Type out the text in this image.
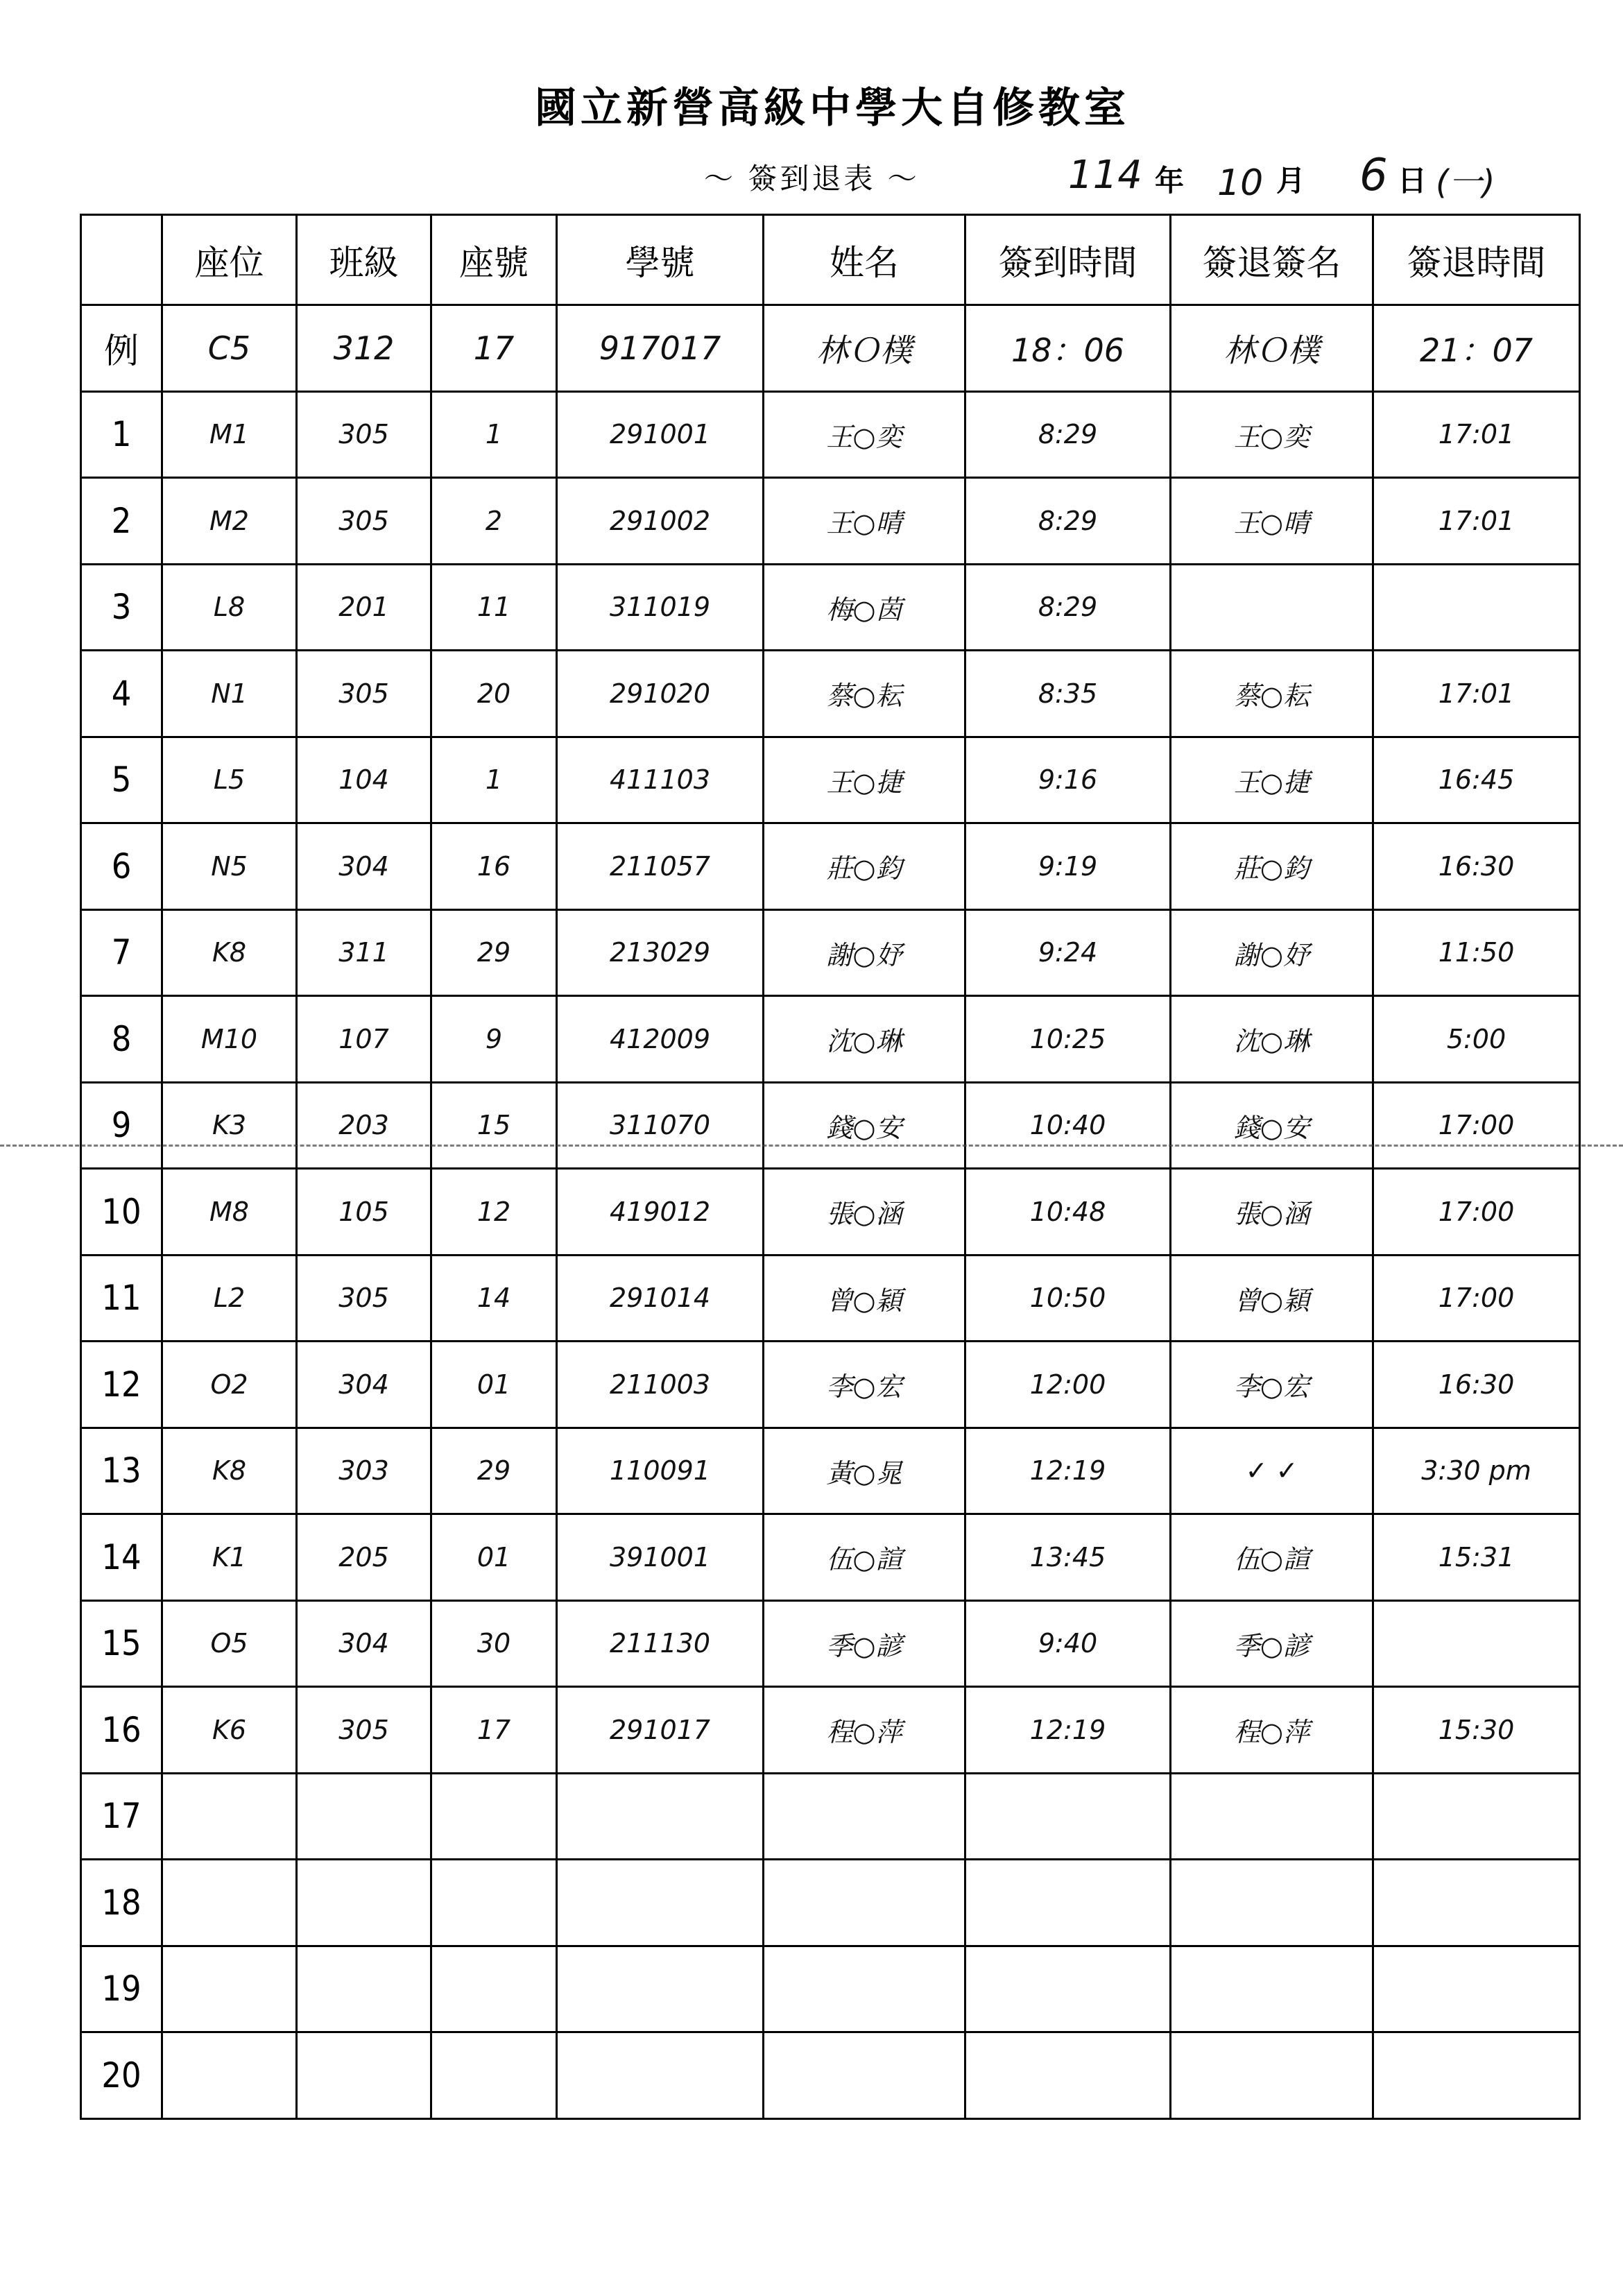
國立新營高級中學大自修教室
～ 簽到退表 ～	114 年 10 月 6 日 (一)
	座位	班級	座號	學號	姓名	簽到時間	簽退簽名	簽退時間
例	C5	312	17	917017	林Ｏ樸	18：06	林Ｏ樸	21：07
1	M1	305	1	291001	王○奕	8:29	王○奕	17:01
2	M2	305	2	291002	王○晴	8:29	王○晴	17:01
3	L8	201	11	311019	梅○茵	8:29		
4	N1	305	20	291020	蔡○耘	8:35	蔡○耘	17:01
5	L5	104	1	411103	王○捷	9:16	王○捷	16:45
6	N5	304	16	211057	莊○鈞	9:19	莊○鈞	16:30
7	K8	311	29	213029	謝○妤	9:24	謝○妤	11:50
8	M10	107	9	412009	沈○琳	10:25	沈○琳	5:00
9	K3	203	15	311070	錢○安	10:40	錢○安	17:00
10	M8	105	12	419012	張○涵	10:48	張○涵	17:00
11	L2	305	14	291014	曾○穎	10:50	曾○穎	17:00
12	O2	304	01	211003	李○宏	12:00	李○宏	16:30
13	K8	303	29	110091	黃○晁	12:19	✓ ✓	3:30 pm
14	K1	205	01	391001	伍○諠	13:45	伍○諠	15:31
15	O5	304	30	211130	季○諺	9:40	季○諺	
16	K6	305	17	291017	程○萍	12:19	程○萍	15:30
17								
18								
19								
20								
